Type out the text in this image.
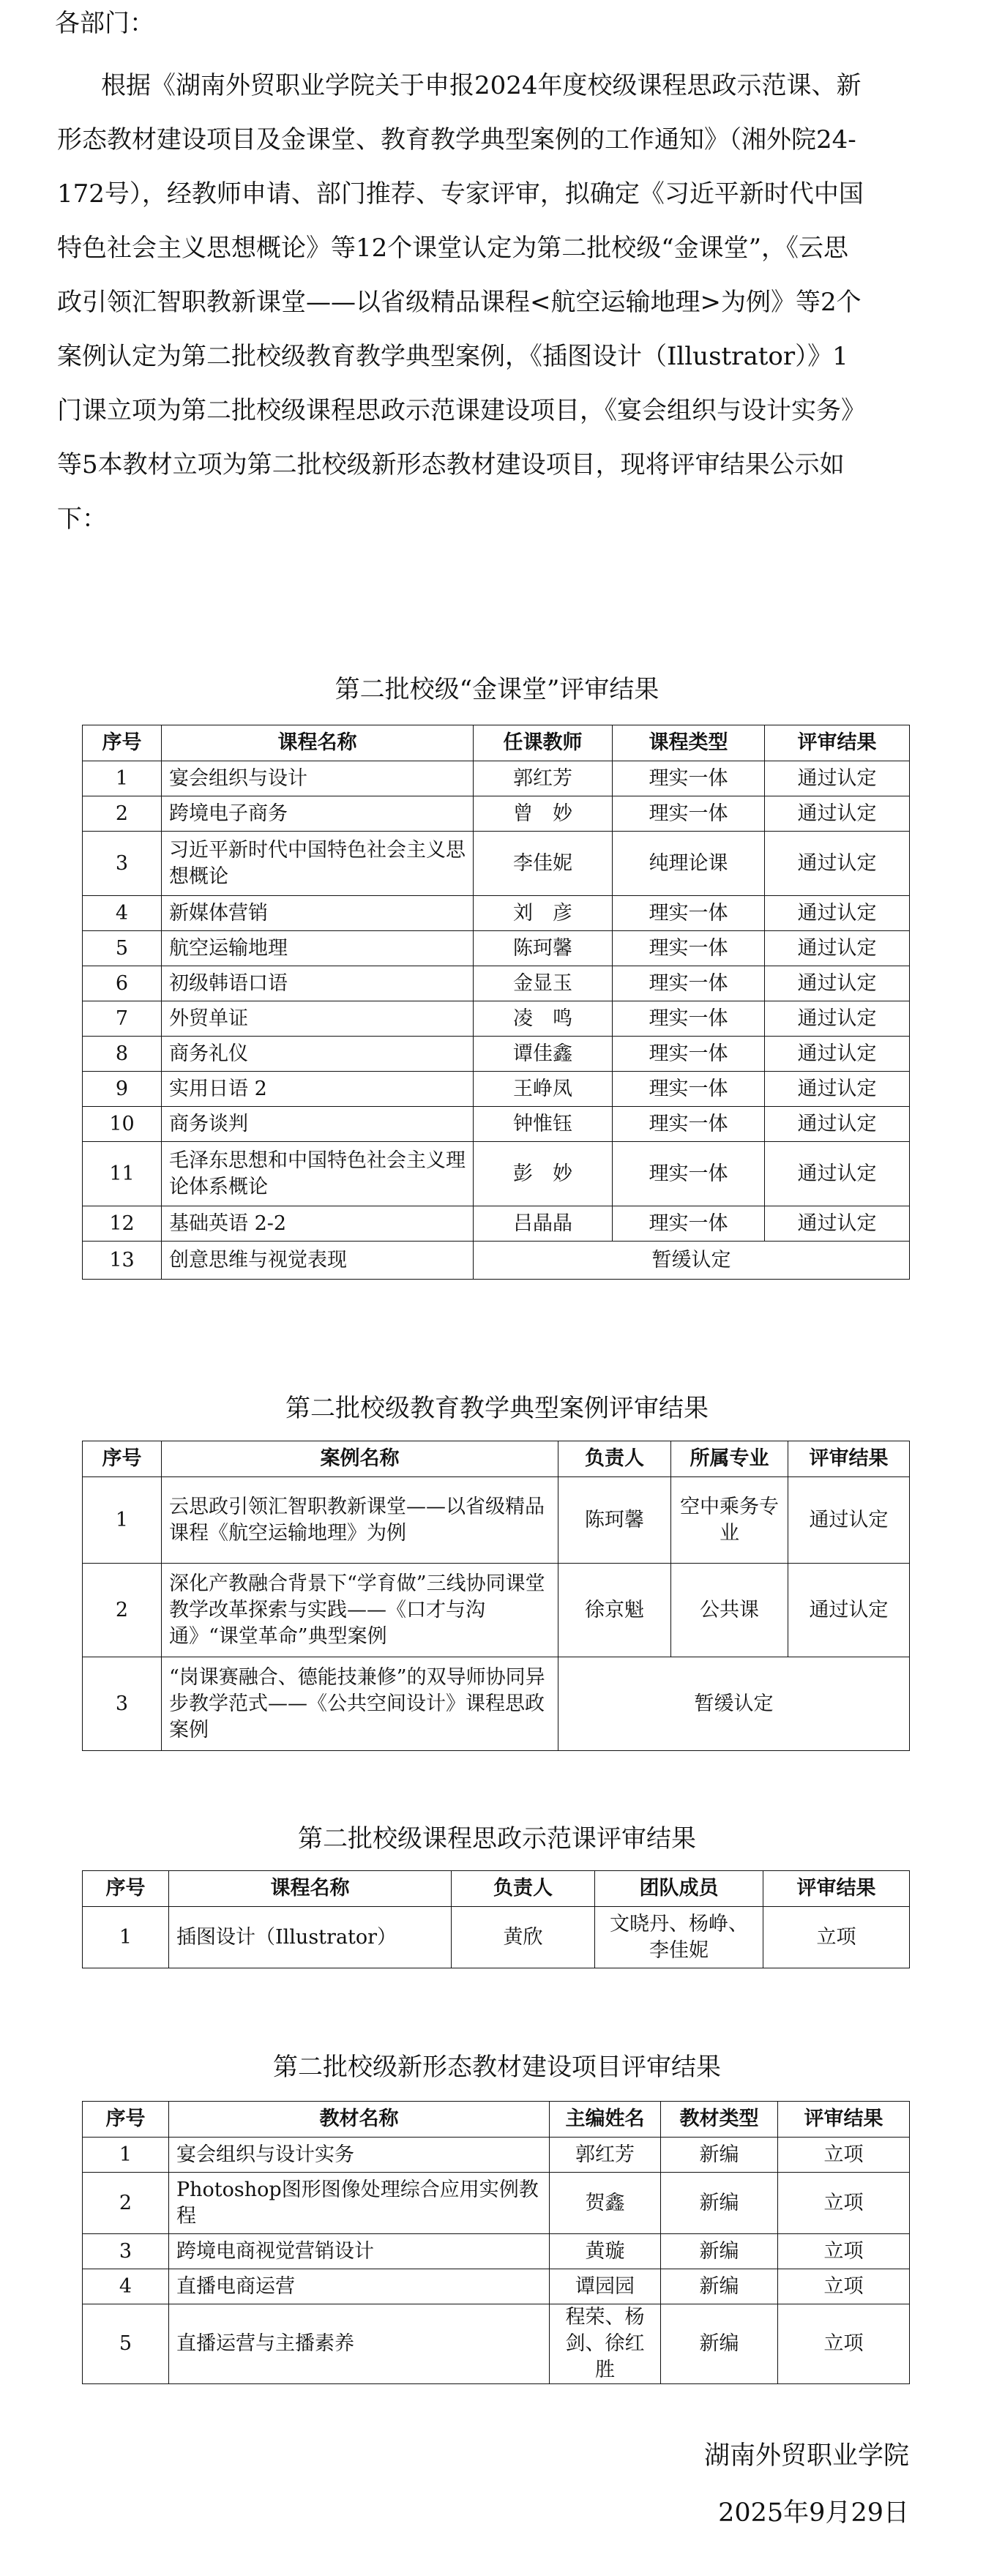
各部门：
根据《湖南外贸职业学院关于申报2024年度校级课程思政示范课、新形态教材建设项目及金课堂、教育教学典型案例的工作通知》（湘外院24-172号），经教师申请、部门推荐、专家评审，拟确定《习近平新时代中国特色社会主义思想概论》等12个课堂认定为第二批校级“金课堂”，《云思政引领汇智职教新课堂——以省级精品课程<航空运输地理>为例》等2个案例认定为第二批校级教育教学典型案例，《插图设计（Illustrator）》1门课立项为第二批校级课程思政示范课建设项目，《宴会组织与设计实务》等5本教材立项为第二批校级新形态教材建设项目，现将评审结果公示如下：
第二批校级“金课堂”评审结果
序号	课程名称	任课教师	课程类型	评审结果
1	宴会组织与设计	郭红芳	理实一体	通过认定
2	跨境电子商务	曾　妙	理实一体	通过认定
3	习近平新时代中国特色社会主义思想概论	李佳妮	纯理论课	通过认定
4	新媒体营销	刘　彦	理实一体	通过认定
5	航空运输地理	陈珂馨	理实一体	通过认定
6	初级韩语口语	金显玉	理实一体	通过认定
7	外贸单证	凌　鸣	理实一体	通过认定
8	商务礼仪	谭佳鑫	理实一体	通过认定
9	实用日语 2	王峥凤	理实一体	通过认定
10	商务谈判	钟惟钰	理实一体	通过认定
11	毛泽东思想和中国特色社会主义理论体系概论	彭　妙	理实一体	通过认定
12	基础英语 2-2	吕晶晶	理实一体	通过认定
13	创意思维与视觉表现	暂缓认定		
第二批校级教育教学典型案例评审结果
序号	案例名称	负责人	所属专业	评审结果
1	云思政引领汇智职教新课堂——以省级精品课程《航空运输地理》为例	陈珂馨	空中乘务专业	通过认定
2	深化产教融合背景下“学育做”三线协同课堂教学改革探索与实践——《口才与沟通》“课堂革命”典型案例	徐京魁	公共课	通过认定
3	“岗课赛融合、德能技兼修”的双导师协同异步教学范式——《公共空间设计》课程思政案例	暂缓认定		
第二批校级课程思政示范课评审结果
序号	课程名称	负责人	团队成员	评审结果
1	插图设计（Illustrator）	黄欣	文晓丹、杨峥、李佳妮	立项
第二批校级新形态教材建设项目评审结果
序号	教材名称	主编姓名	教材类型	评审结果
1	宴会组织与设计实务	郭红芳	新编	立项
2	Photoshop图形图像处理综合应用实例教程	贺鑫	新编	立项
3	跨境电商视觉营销设计	黄璇	新编	立项
4	直播电商运营	谭园园	新编	立项
5	直播运营与主播素养	程荣、杨剑、徐红胜	新编	立项
湖南外贸职业学院
2025年9月29日
